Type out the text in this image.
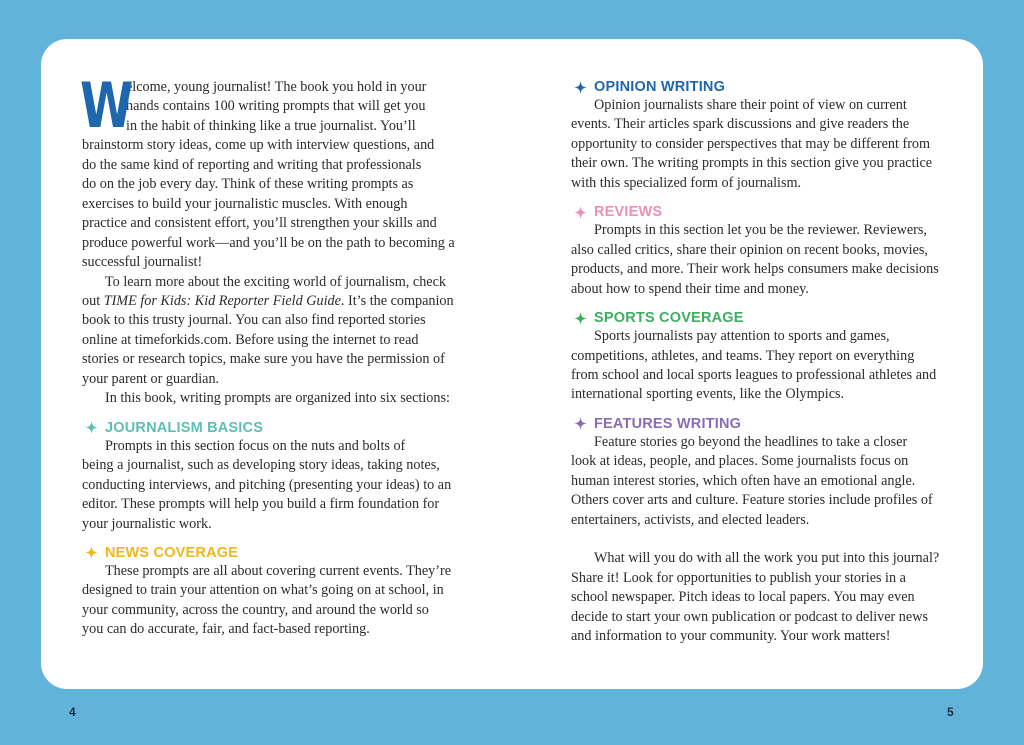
W
elcome, young journalist! The book you hold in your
hands contains 100 writing prompts that will get you
in the habit of thinking like a true journalist. You’ll
brainstorm story ideas, come up with interview questions, and
do the same kind of reporting and writing that professionals
do on the job every day. Think of these writing prompts as
exercises to build your journalistic muscles. With enough
practice and consistent effort, you’ll strengthen your skills and
produce powerful work—and you’ll be on the path to becoming a
successful journalist!

To learn more about the exciting world of journalism, check
out TIME for Kids: Kid Reporter Field Guide. It’s the companion
book to this trusty journal. You can also find reported stories
online at timeforkids.com. Before using the internet to read
stories or research topics, make sure you have the permission of
your parent or guardian.

In this book, writing prompts are organized into six sections:

JOURNALISM BASICS

Prompts in this section focus on the nuts and bolts of
being a journalist, such as developing story ideas, taking notes,
conducting interviews, and pitching (presenting your ideas) to an
editor. These prompts will help you build a firm foundation for
your journalistic work.

NEWS COVERAGE

These prompts are all about covering current events. They’re
designed to train your attention on what’s going on at school, in
your community, across the country, and around the world so
you can do accurate, fair, and fact-based reporting.

OPINION WRITING

Opinion journalists share their point of view on current
events. Their articles spark discussions and give readers the
opportunity to consider perspectives that may be different from
their own. The writing prompts in this section give you practice
with this specialized form of journalism.

REVIEWS

Prompts in this section let you be the reviewer. Reviewers,
also called critics, share their opinion on recent books, movies,
products, and more. Their work helps consumers make decisions
about how to spend their time and money.

SPORTS COVERAGE

Sports journalists pay attention to sports and games,
competitions, athletes, and teams. They report on everything
from school and local sports leagues to professional athletes and
international sporting events, like the Olympics.

FEATURES WRITING

Feature stories go beyond the headlines to take a closer
look at ideas, people, and places. Some journalists focus on
human interest stories, which often have an emotional angle.
Others cover arts and culture. Feature stories include profiles of
entertainers, activists, and elected leaders.

What will you do with all the work you put into this journal?
Share it! Look for opportunities to publish your stories in a
school newspaper. Pitch ideas to local papers. You may even
decide to start your own publication or podcast to deliver news
and information to your community. Your work matters!

4	5
